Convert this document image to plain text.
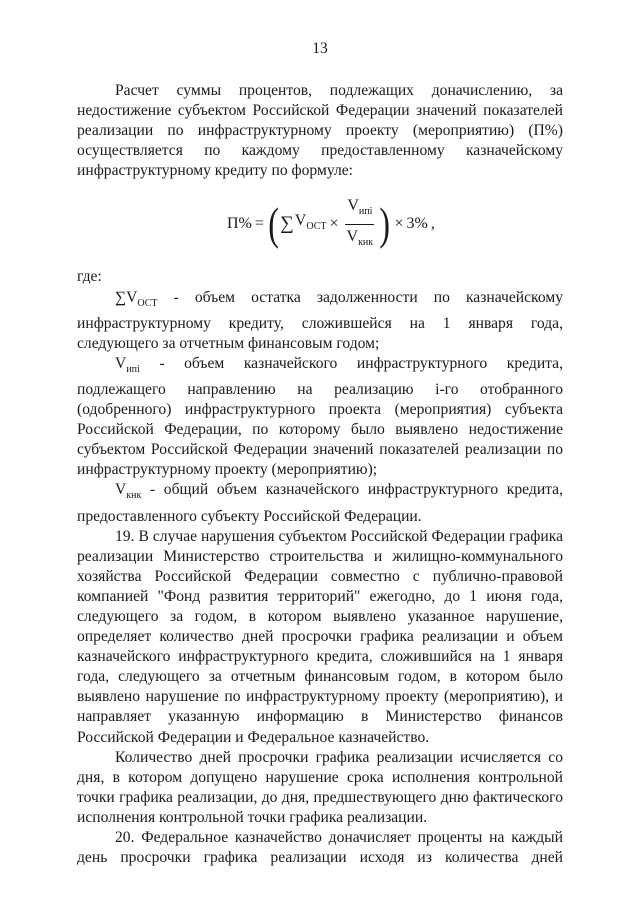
13

Расчет суммы процентов, подлежащих доначислению, за недостижение субъектом Российской Федерации значений показателей реализации по инфраструктурному проекту (мероприятию) (П%) осуществляется по каждому предоставленному казначейскому инфраструктурному кредиту по формуле:

П% = ( ∑ $V_{ОСТ} \times \frac{V_{ипi}}{V_{кнк}}$ ) × 3% ,

где:

$\sum V_{ОСТ}$ - объем остатка задолженности по казначейскому инфраструктурному кредиту, сложившейся на 1 января года, следующего за отчетным финансовым годом;

$V_{ипi}$ - объем казначейского инфраструктурного кредита, подлежащего направлению на реализацию i-го отобранного (одобренного) инфраструктурного проекта (мероприятия) субъекта Российской Федерации, по которому было выявлено недостижение субъектом Российской Федерации значений показателей реализации по инфраструктурному проекту (мероприятию);

$V_{кнк}$ - общий объем казначейского инфраструктурного кредита, предоставленного субъекту Российской Федерации.

19. В случае нарушения субъектом Российской Федерации графика реализации Министерство строительства и жилищно-коммунального хозяйства Российской Федерации совместно с публично-правовой компанией "Фонд развития территорий" ежегодно, до 1 июня года, следующего за годом, в котором выявлено указанное нарушение, определяет количество дней просрочки графика реализации и объем казначейского инфраструктурного кредита, сложившийся на 1 января года, следующего за отчетным финансовым годом, в котором было выявлено нарушение по инфраструктурному проекту (мероприятию), и направляет указанную информацию в Министерство финансов Российской Федерации и Федеральное казначейство.

Количество дней просрочки графика реализации исчисляется со дня, в котором допущено нарушение срока исполнения контрольной точки графика реализации, до дня, предшествующего дню фактического исполнения контрольной точки графика реализации.

20. Федеральное казначейство доначисляет проценты на каждый день просрочки графика реализации исходя из количества дней
